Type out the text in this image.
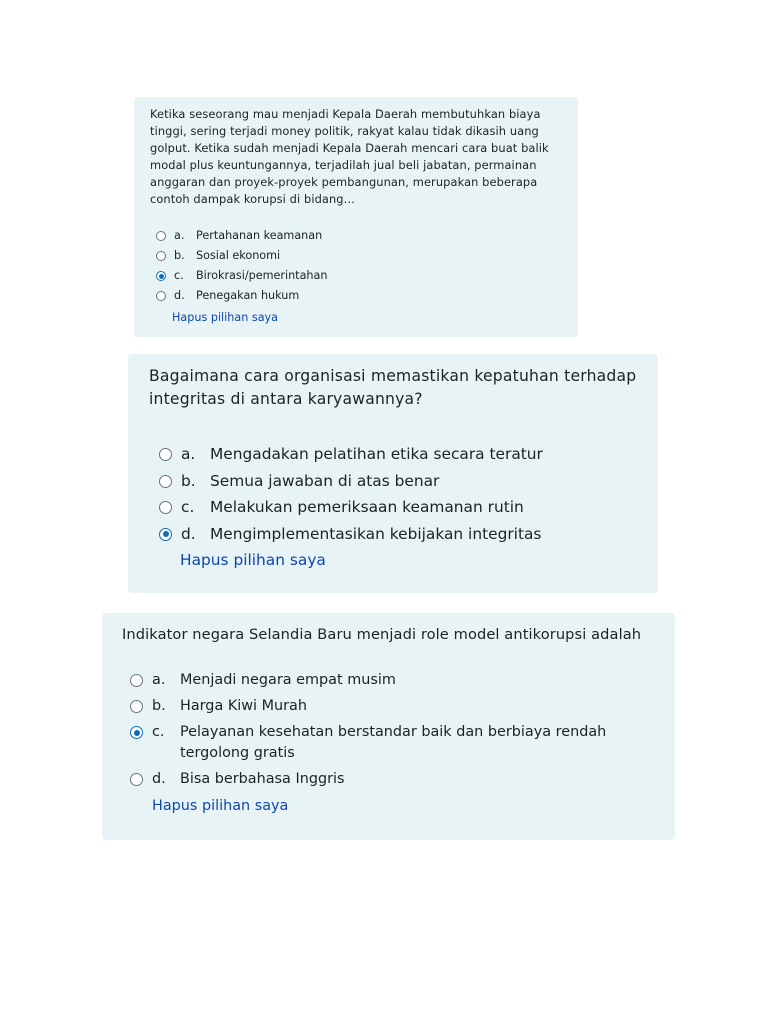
Ketika seseorang mau menjadi Kepala Daerah membutuhkan biaya tinggi, sering terjadi money politik, rakyat kalau tidak dikasih uang golput. Ketika sudah menjadi Kepala Daerah mencari cara buat balik modal plus keuntungannya, terjadilah jual beli jabatan, permainan anggaran dan proyek-proyek pembangunan, merupakan beberapa contoh dampak korupsi di bidang...

a.	Pertahanan keamanan
b.	Sosial ekonomi
c.	Birokrasi/pemerintahan
d.	Penegakan hukum
Hapus pilihan saya

Bagaimana cara organisasi memastikan kepatuhan terhadap integritas di antara karyawannya?

a. Mengadakan pelatihan etika secara teratur
b. Semua jawaban di atas benar
c.	Melakukan pemeriksaan keamanan rutin
d. Mengimplementasikan kebijakan integritas
Hapus pilihan saya

Indikator negara Selandia Baru menjadi role model antikorupsi adalah

a.	Menjadi negara empat musim
b. Harga Kiwi Murah
c.	Pelayanan kesehatan berstandar baik dan berbiaya rendah tergolong gratis
d. Bisa berbahasa Inggris
Hapus pilihan saya
